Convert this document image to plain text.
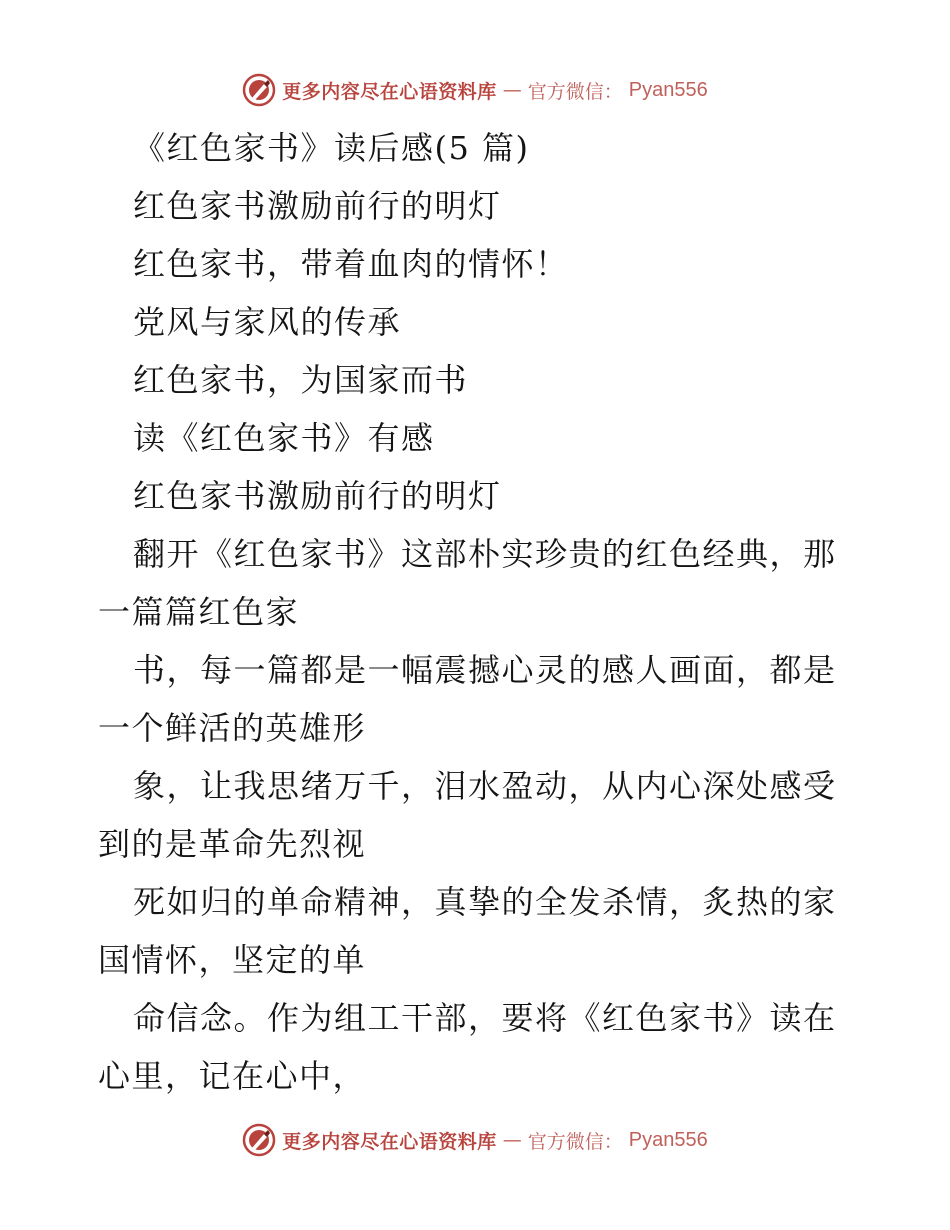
更多内容尽在心语资料库 — 官方微信： Pyan556
《红色家书》读后感(5 篇)
红色家书激励前行的明灯
红色家书，带着血肉的情怀！
党风与家风的传承
红色家书，为国家而书
读《红色家书》有感
红色家书激励前行的明灯
翻开《红色家书》这部朴实珍贵的红色经典，那
一篇篇红色家
书，每一篇都是一幅震撼心灵的感人画面，都是
一个鲜活的英雄形
象，让我思绪万千，泪水盈动，从内心深处感受
到的是革命先烈视
死如归的单命精神，真挚的全发杀情，炙热的家
国情怀，坚定的单
命信念。作为组工干部，要将《红色家书》读在
心里，记在心中，
更多内容尽在心语资料库 — 官方微信： Pyan556
